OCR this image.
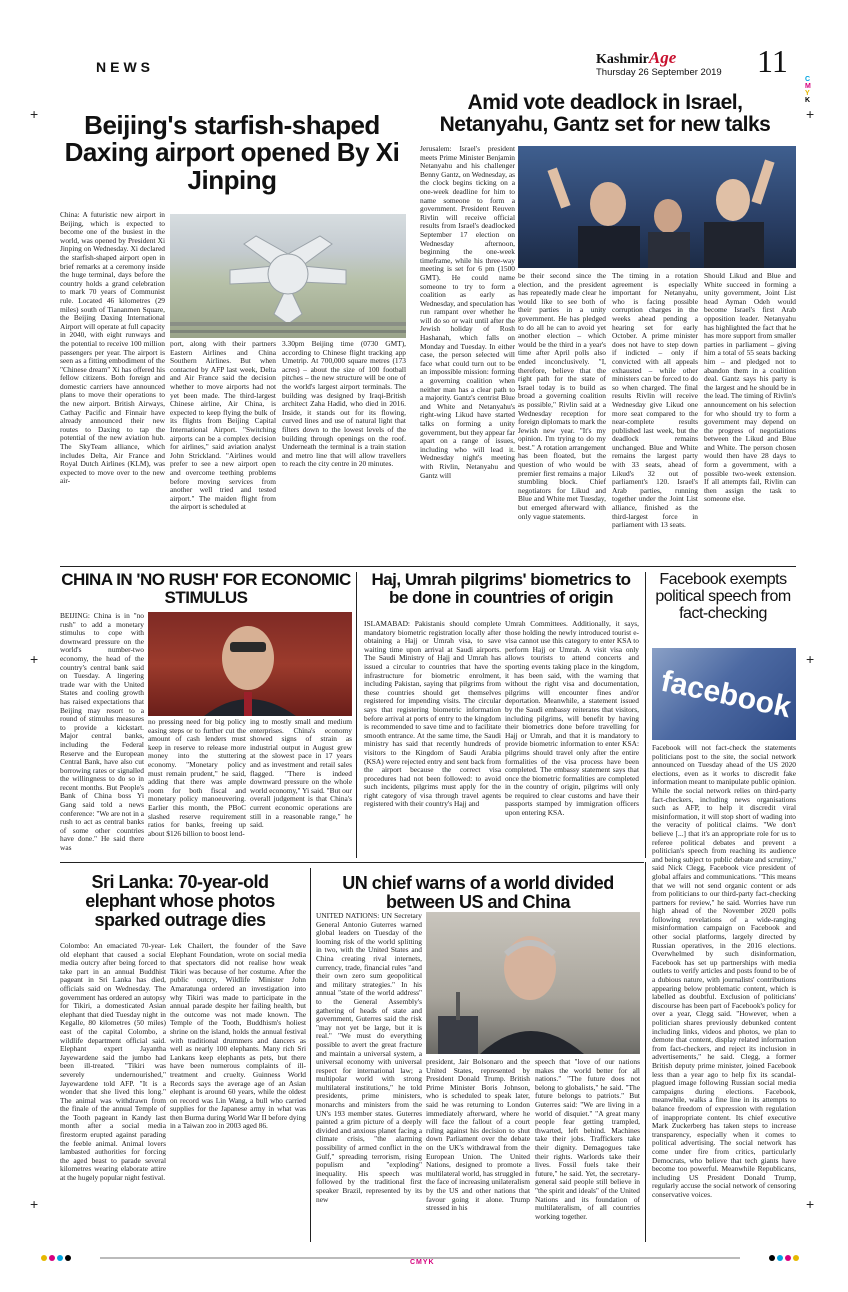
NEWS	KashmirAge
Thursday 26 September 2019 11
C
M
Y
K
+	+
+	+
+	+
Beijing's starfish-shaped Daxing airport opened By Xi Jinping
China: A futuristic new airport in Beijing, which is expected to become one of the busiest in the world, was opened by President Xi Jinping on Wednesday. Xi declared the starfish-shaped airport open in brief remarks at a ceremony inside the huge terminal, days before the country holds a grand celebration to mark 70 years of Communist rule. Located 46 kilometres (29 miles) south of Tiananmen Square, the Beijing Daxing International Airport will operate at full capacity in 2040, with eight runways and the potential to receive 100 million passengers per year. The airport is seen as a fitting embodiment of the "Chinese dream" Xi has offered his fellow citizens. Both foreign and domestic carriers have announced plans to move their operations to the new airport. British Airways, Cathay Pacific and Finnair have already announced their new routes to Daxing to tap the potential of the new aviation hub. The SkyTeam alliance, which includes Delta, Air France and Royal Dutch Airlines (KLM), was expected to move over to the new air-
port, along with their partners Eastern Airlines and China Southern Airlines. But when contacted by AFP last week, Delta and Air France said the decision whether to move airports had not yet been made. The third-largest Chinese airline, Air China, is expected to keep flying the bulk of its flights from Beijing Capital International Airport. "Switching airports can be a complex decision for airlines," said aviation analyst John Strickland. "Airlines would prefer to see a new airport open and overcome teething problems before moving services from another well tried and tested airport." The maiden flight from the airport is scheduled at
3.30pm Beijing time (0730 GMT), according to Chinese flight tracking app Umetrip. At 700,000 square metres (173 acres) – about the size of 100 football pitches – the new structure will be one of the world's largest airport terminals. The building was designed by Iraqi-British architect Zaha Hadid, who died in 2016. Inside, it stands out for its flowing, curved lines and use of natural light that filters down to the lowest levels of the building through openings on the roof. Underneath the terminal is a train station and metro line that will allow travellers to reach the city centre in 20 minutes.
Amid vote deadlock in Israel, Netanyahu, Gantz set for new talks
Jerusalem: Israel's president meets Prime Minister Benjamin Netanyahu and his challenger Benny Gantz, on Wednesday, as the clock begins ticking on a one-week deadline for him to name someone to form a government. President Reuven Rivlin will receive official results from Israel's deadlocked September 17 election on Wednesday afternoon, beginning the one-week timeframe, while his three-way meeting is set for 6 pm (1500 GMT). He could name someone to try to form a coalition as early as Wednesday, and speculation has run rampant over whether he will do so or wait until after the Jewish holiday of Rosh Hashanah, which falls on Monday and Tuesday. In either case, the person selected will face what could turn out to be an impossible mission: forming a governing coalition when neither man has a clear path to a majority. Gantz's centrist Blue and White and Netanyahu's right-wing Likud have started talks on forming a unity government, but they appear far apart on a range of issues, including who will lead it. Wednesday night's meeting with Rivlin, Netanyahu and Gantz will
be their second since the election, and the president has repeatedly made clear he would like to see both of their parties in a unity government. He has pledged to do all he can to avoid yet another election – which would be the third in a year's time after April polls also ended inconclusively. "I, therefore, believe that the right path for the state of Israel today is to build as broad a governing coalition as possible," Rivlin said at a Wednesday reception for foreign diplomats to mark the Jewish new year. "It's my opinion. I'm trying to do my best." A rotation arrangement has been floated, but the question of who would be premier first remains a major stumbling block. Chief negotiators for Likud and Blue and White met Tuesday, but emerged afterward with only vague statements.
The timing in a rotation agreement is especially important for Netanyahu, who is facing possible corruption charges in the weeks ahead pending a hearing set for early October. A prime minister does not have to step down if indicted – only if convicted with all appeals exhausted – while other ministers can be forced to do so when charged. The final results Rivlin will receive Wednesday give Likud one more seat compared to the near-complete results published last week, but the deadlock remains unchanged. Blue and White remains the largest party with 33 seats, ahead of Likud's 32 out of parliament's 120. Israel's Arab parties, running together under the Joint List alliance, finished as the third-largest force in parliament with 13 seats.
Should Likud and Blue and White succeed in forming a unity government, Joint List head Ayman Odeh would become Israel's first Arab opposition leader. Netanyahu has highlighted the fact that he has more support from smaller parties in parliament – giving him a total of 55 seats backing him – and pledged not to abandon them in a coalition deal. Gantz says his party is the largest and he should be in the lead. The timing of Rivlin's announcement on his selection for who should try to form a government may depend on the progress of negotiations between the Likud and Blue and White. The person chosen would then have 28 days to form a government, with a possible two-week extension. If all attempts fail, Rivlin can then assign the task to someone else.
CHINA IN 'NO RUSH' FOR ECONOMIC STIMULUS
BEIJING: China is in "no rush" to add a monetary stimulus to cope with downward pressure on the world's number-two economy, the head of the country's central bank said on Tuesday. A lingering trade war with the United States and cooling growth has raised expectations that Beijing may resort to a round of stimulus measures to provide a kickstart. Major central banks, including the Federal Reserve and the European Central Bank, have also cut borrowing rates or signalled the willingness to do so in recent months. But People's Bank of China boss Yi Gang said told a news conference: "We are not in a rush to act as central banks of some other countries have done." He said there was
no pressing need for big policy easing steps or to further cut the amount of cash lenders must keep in reserve to release more money into the stuttering economy. "Monetary policy must remain prudent," he said, adding that there was ample room for both fiscal and monetary policy manoeuvering. Earlier this month, the PBoC slashed reserve requirement ratios for banks, freeing up about $126 billion to boost lend-
ing to mostly small and medium enterprises. China's economy showed signs of strain as industrial output in August grew at the slowest pace in 17 years and as investment and retail sales flagged. "There is indeed downward pressure on the whole world economy," Yi said. "But our overall judgement is that China's current economic operations are still in a reasonable range," he said.
Haj, Umrah pilgrims' biometrics to be done in countries of origin
ISLAMABAD: Pakistanis should complete mandatory biometric registration locally after obtaining a Hajj or Umrah visa, to save waiting time upon arrival at Saudi airports. The Saudi Ministry of Hajj and Umrah has issued a circular to countries that have the infrastructure for biometric enrolment, including Pakistan, saying that pilgrims from these countries should get themselves registered for impending visits. The circular says that registering biometric information before arrival at ports of entry to the kingdom is recommended to save time and to facilitate smooth entrance. At the same time, the Saudi ministry has said that recently hundreds of visitors to the Kingdom of Saudi Arabia (KSA) were rejected entry and sent back from the airport because the correct visa procedures had not been followed: to avoid such incidents, pilgrims must apply for the right category of visa through travel agents registered with their country's Hajj and
Umrah Committees. Additionally, it says, those holding the newly introduced tourist e-visa cannot use this category to enter KSA to perform Hajj or Umrah. A visit visa only allows tourists to attend concerts and sporting events taking place in the kingdom, it has been said, with the warning that without the right visa and documentation, pilgrims will encounter fines and/or deportation. Meanwhile, a statement issued by the Saudi embassy reiterates that visitors, including pilgrims, will benefit by having their biometrics done before travelling for Hajj or Umrah, and that it is mandatory to provide biometric information to enter KSA: pilgrims should travel only after the entire formalities of the visa process have been completed. The embassy statement says that once the biometric formalities are completed in the country of origin, pilgrims will only be required to clear customs and have their passports stamped by immigration officers upon entering KSA.
Facebook exempts political speech from fact-checking
facebook
Facebook will not fact-check the statements politicians post to the site, the social network announced on Tuesday ahead of the US 2020 elections, even as it works to discredit fake information meant to manipulate public opinion. While the social network relies on third-party fact-checkers, including news organisations such as AFP, to help it discredit viral misinformation, it will stop short of wading into the veracity of political claims. "We don't believe [...] that it's an appropriate role for us to referee political debates and prevent a politician's speech from reaching its audience and being subject to public debate and scrutiny," said Nick Clegg, Facebook vice president of global affairs and communications. "This means that we will not send organic content or ads from politicians to our third-party fact-checking partners for review," he said. Worries have run high ahead of the November 2020 polls following revelations of a wide-ranging misinformation campaign on Facebook and other social platforms, largely directed by Russian operatives, in the 2016 elections. Overwhelmed by such disinformation, Facebook has set up partnerships with media outlets to verify articles and posts found to be of a dubious nature, with journalists' contributions appearing below problematic content, which is labelled as doubtful. Exclusion of politicians' discourse has been part of Facebook's policy for over a year, Clegg said. "However, when a politician shares previously debunked content including links, videos and photos, we plan to demote that content, display related information from fact-checkers, and reject its inclusion in advertisements," he said. Clegg, a former British deputy prime minister, joined Facebook less than a year ago to help fix its scandal-plagued image following Russian social media campaigns during elections. Facebook, meanwhile, walks a fine line in its attempts to balance freedom of expression with regulation of inappropriate content. Its chief executive Mark Zuckerberg has taken steps to increase transparency, especially when it comes to political advertising. The social network has come under fire from critics, particularly Democrats, who believe that tech giants have become too powerful. Meanwhile Republicans, including US President Donald Trump, regularly accuse the social network of censoring conservative voices.
Sri Lanka: 70-year-old elephant whose photos sparked outrage dies
Colombo: An emaciated 70-year-old elephant that caused a social media outcry after being forced to take part in an annual Buddhist pageant in Sri Lanka has died, officials said on Wednesday. The government has ordered an autopsy for Tikiri, a domesticated Asian elephant that died Tuesday night in Kegalle, 80 kilometres (50 miles) east of the capital Colombo, a wildlife department official said. Elephant expert Jayantha Jayewardene said the jumbo had been ill-treated. "Tikiri was severely undernourished," Jayewardene told AFP. "It is a wonder that she lived this long." The animal was withdrawn from the finale of the annual Temple of the Tooth pageant in Kandy last month after a social media firestorm erupted against parading the feeble animal. Animal lovers lambasted authorities for forcing the aged beast to parade several kilometres wearing elaborate attire at the hugely popular night festival.
Lek Chailert, the founder of the Save Elephant Foundation, wrote on social media that spectators did not realise how weak Tikiri was because of her costume. After the public outcry, Wildlife Minister John Amaratunga ordered an investigation into why Tikiri was made to participate in the annual parade despite her failing health, but the outcome was not made known. The Temple of the Tooth, Buddhism's holiest shrine on the island, holds the annual festival with traditional drummers and dancers as well as nearly 100 elephants. Many rich Sri Lankans keep elephants as pets, but there have been numerous complaints of ill-treatment and cruelty. Guinness World Records says the average age of an Asian elephant is around 60 years, while the oldest on record was Lin Wang, a bull who carried supplies for the Japanese army in what was then Burma during World War II before dying in a Taiwan zoo in 2003 aged 86.
UN chief warns of a world divided between US and China
UNITED NATIONS: UN Secretary General Antonio Guterres warned global leaders on Tuesday of the looming risk of the world splitting in two, with the United States and China creating rival internets, currency, trade, financial rules "and their own zero sum geopolitical and military strategies." In his annual "state of the world address" to the General Assembly's gathering of heads of state and government, Guterres said the risk "may not yet be large, but it is real." "We must do everything possible to avert the great fracture and maintain a universal system, a universal economy with universal respect for international law; a multipolar world with strong multilateral institutions," he told presidents, prime ministers, monarchs and ministers from the UN's 193 member states. Guterres painted a grim picture of a deeply divided and anxious planet facing a climate crisis, "the alarming possibility of armed conflict in the Gulf," spreading terrorism, rising populism and "exploding" inequality. His speech was followed by the traditional first speaker Brazil, represented by its new
president, Jair Bolsonaro and the United States, represented by President Donald Trump. British Prime Minister Boris Johnson, who is scheduled to speak later, said he was returning to London immediately afterward, where he will face the fallout of a court ruling against his decision to shut down Parliament over the debate on the UK's withdrawal from the European Union. The United Nations, designed to promote a multilateral world, has struggled in the face of increasing unilateralism by the US and other nations that favour going it alone. Trump stressed in his
speech that "love of our nations makes the world better for all nations." "The future does not belong to globalists," he said. "The future belongs to patriots." But Guterres said: "We are living in a world of disquiet." "A great many people fear getting trampled, thwarted, left behind. Machines take their jobs. Traffickers take their dignity. Demagogues take their rights. Warlords take their lives. Fossil fuels take their future," he said. Yet, the secretary-general said people still believe in "the spirit and ideals" of the United Nations and its foundation of multilateralism, of all countries working together.
CMYK
